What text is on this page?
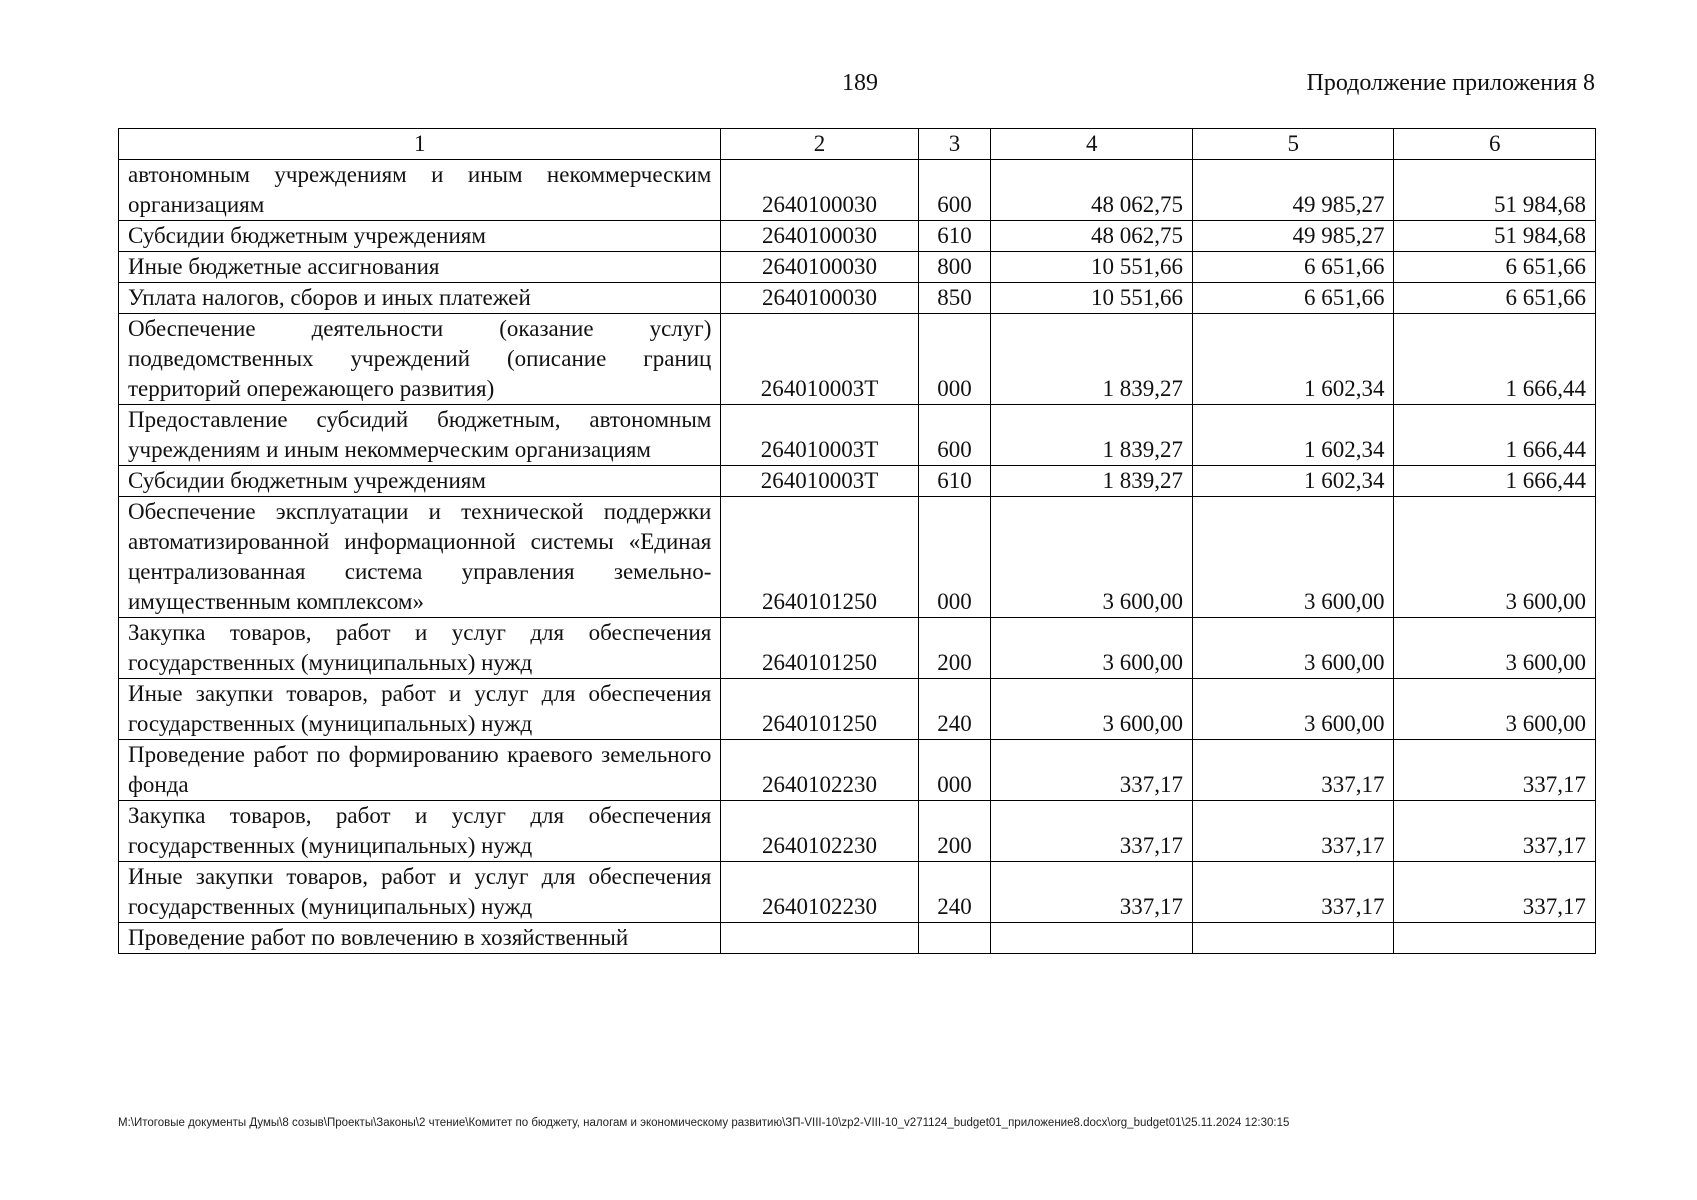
189	Продолжение приложения 8
1	2	3	4	5	6
автономным учреждениям и иным некоммерческим организациям	2640100030	600	48 062,75	49 985,27	51 984,68
Субсидии бюджетным учреждениям	2640100030	610	48 062,75	49 985,27	51 984,68
Иные бюджетные ассигнования	2640100030	800	10 551,66	6 651,66	6 651,66
Уплата налогов, сборов и иных платежей	2640100030	850	10 551,66	6 651,66	6 651,66
Обеспечение деятельности (оказание услуг) подведомственных учреждений (описание границ территорий опережающего развития)	264010003Т	000	1 839,27	1 602,34	1 666,44
Предоставление субсидий бюджетным, автономным учреждениям и иным некоммерческим организациям	264010003Т	600	1 839,27	1 602,34	1 666,44
Субсидии бюджетным учреждениям	264010003Т	610	1 839,27	1 602,34	1 666,44
Обеспечение эксплуатации и технической поддержки автоматизированной информационной системы «Единая централизованная система управления земельно-имущественным комплексом»	2640101250	000	3 600,00	3 600,00	3 600,00
Закупка товаров, работ и услуг для обеспечения государственных (муниципальных) нужд	2640101250	200	3 600,00	3 600,00	3 600,00
Иные закупки товаров, работ и услуг для обеспечения государственных (муниципальных) нужд	2640101250	240	3 600,00	3 600,00	3 600,00
Проведение работ по формированию краевого земельного фонда	2640102230	000	337,17	337,17	337,17
Закупка товаров, работ и услуг для обеспечения государственных (муниципальных) нужд	2640102230	200	337,17	337,17	337,17
Иные закупки товаров, работ и услуг для обеспечения государственных (муниципальных) нужд	2640102230	240	337,17	337,17	337,17
Проведение работ по вовлечению в хозяйственный					
M:\Итоговые документы Думы\8 созыв\Проекты\Законы\2 чтение\Комитет по бюджету, налогам и экономическому развитию\ЗП-VIII-10\zp2-VIII-10_v271124_budget01_приложение8.docx\org_budget01\25.11.2024 12:30:15
